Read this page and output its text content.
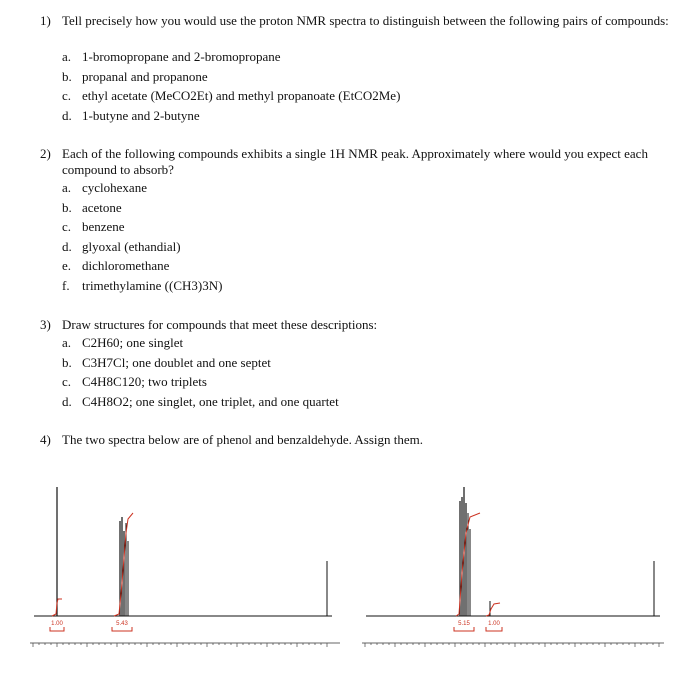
1) Tell precisely how you would use the proton NMR spectra to distinguish between the following pairs of compounds:
a. 1-bromopropane and 2-bromopropane
b. propanal and propanone
c. ethyl acetate (MeCO2Et) and methyl propanoate (EtCO2Me)
d. 1-butyne and 2-butyne
2) Each of the following compounds exhibits a single 1H NMR peak. Approximately where would you expect each compound to absorb?
a. cyclohexane
b. acetone
c. benzene
d. glyoxal (ethandial)
e. dichloromethane
f. trimethylamine ((CH3)3N)
3) Draw structures for compounds that meet these descriptions:
a. C2H60; one singlet
b. C3H7Cl; one doublet and one septet
c. C4H8C120; two triplets
d. C4H8O2; one singlet, one triplet, and one quartet
4) The two spectra below are of phenol and benzaldehyde. Assign them.
1.00	5.43	5.15	1.00
